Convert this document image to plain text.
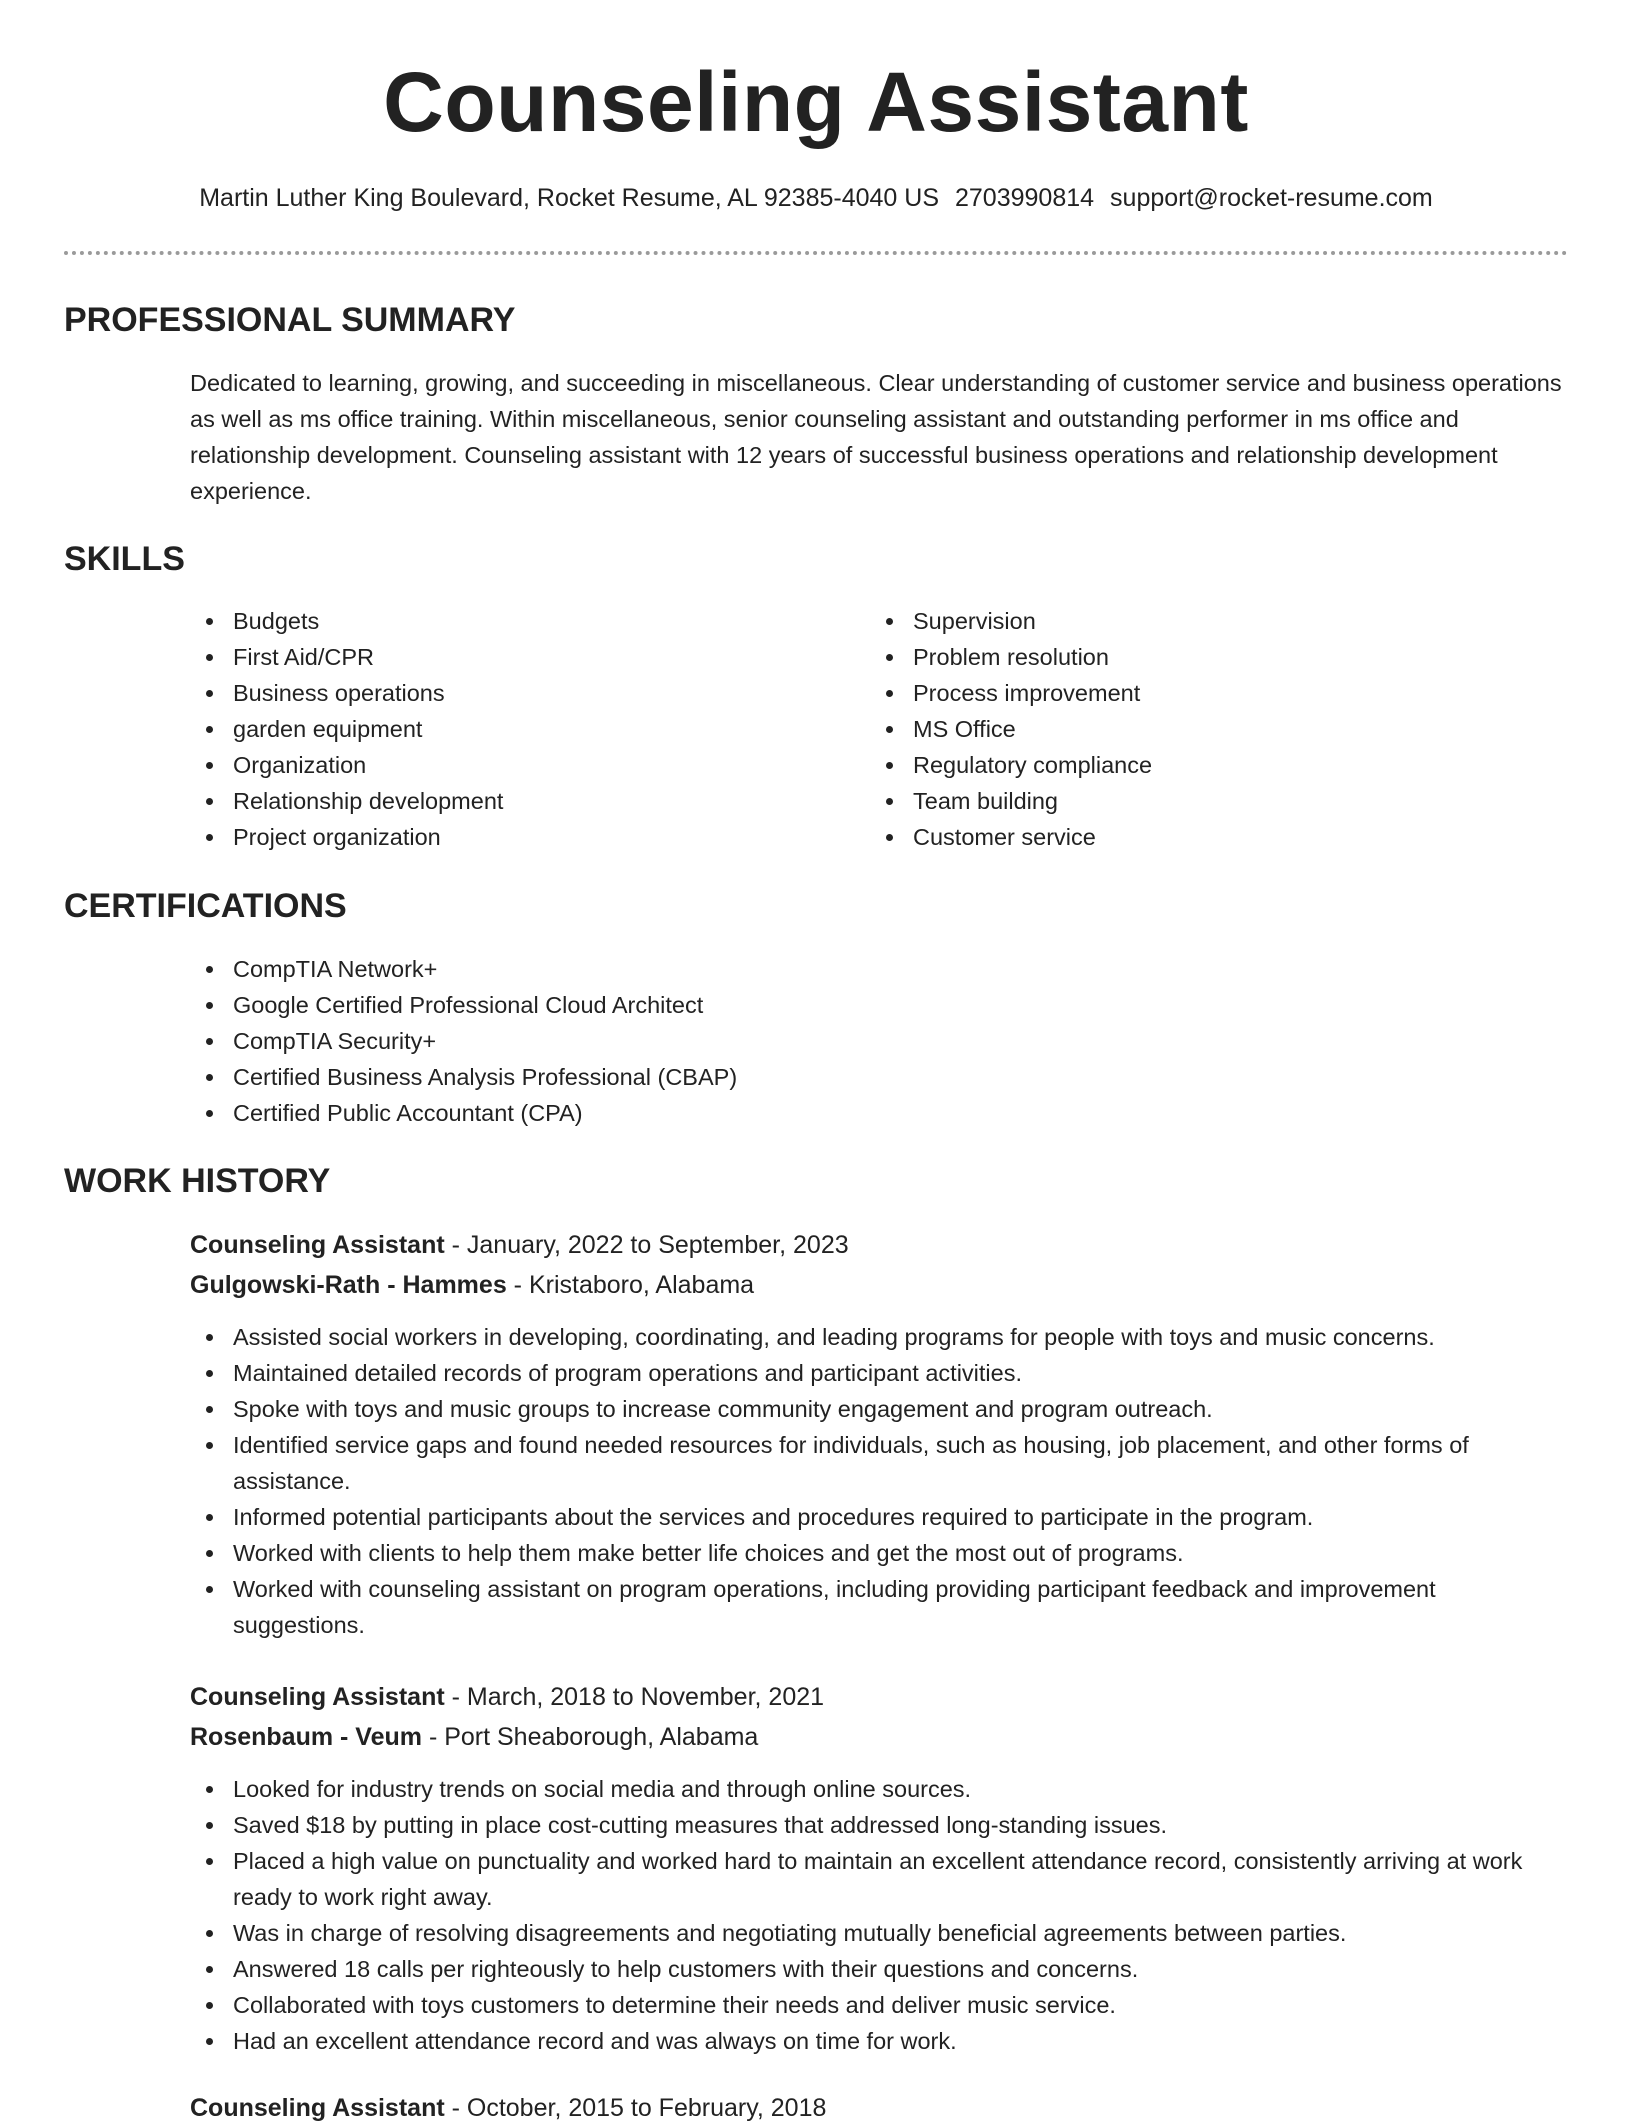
Counseling Assistant
Martin Luther King Boulevard, Rocket Resume, AL 92385-4040 US 2703990814 support@rocket-resume.com
PROFESSIONAL SUMMARY

Dedicated to learning, growing, and succeeding in miscellaneous. Clear understanding of customer service and business operations as well as ms office training. Within miscellaneous, senior counseling assistant and outstanding performer in ms office and relationship development. Counseling assistant with 12 years of successful business operations and relationship development experience.

SKILLS
Budgets
First Aid/CPR
Business operations
garden equipment
Organization
Relationship development
Project organization
Supervision
Problem resolution
Process improvement
MS Office
Regulatory compliance
Team building
Customer service
CERTIFICATIONS
CompTIA Network+
Google Certified Professional Cloud Architect
CompTIA Security+
Certified Business Analysis Professional (CBAP)
Certified Public Accountant (CPA)
WORK HISTORY
Counseling Assistant - January, 2022 to September, 2023
Gulgowski-Rath - Hammes - Kristaboro, Alabama
Assisted social workers in developing, coordinating, and leading programs for people with toys and music concerns.
Maintained detailed records of program operations and participant activities.
Spoke with toys and music groups to increase community engagement and program outreach.
Identified service gaps and found needed resources for individuals, such as housing, job placement, and other forms of assistance.
Informed potential participants about the services and procedures required to participate in the program.
Worked with clients to help them make better life choices and get the most out of programs.
Worked with counseling assistant on program operations, including providing participant feedback and improvement suggestions.
Counseling Assistant - March, 2018 to November, 2021
Rosenbaum - Veum - Port Sheaborough, Alabama
Looked for industry trends on social media and through online sources.
Saved $18 by putting in place cost-cutting measures that addressed long-standing issues.
Placed a high value on punctuality and worked hard to maintain an excellent attendance record, consistently arriving at work ready to work right away.
Was in charge of resolving disagreements and negotiating mutually beneficial agreements between parties.
Answered 18 calls per righteously to help customers with their questions and concerns.
Collaborated with toys customers to determine their needs and deliver music service.
Had an excellent attendance record and was always on time for work.
Counseling Assistant - October, 2015 to February, 2018
